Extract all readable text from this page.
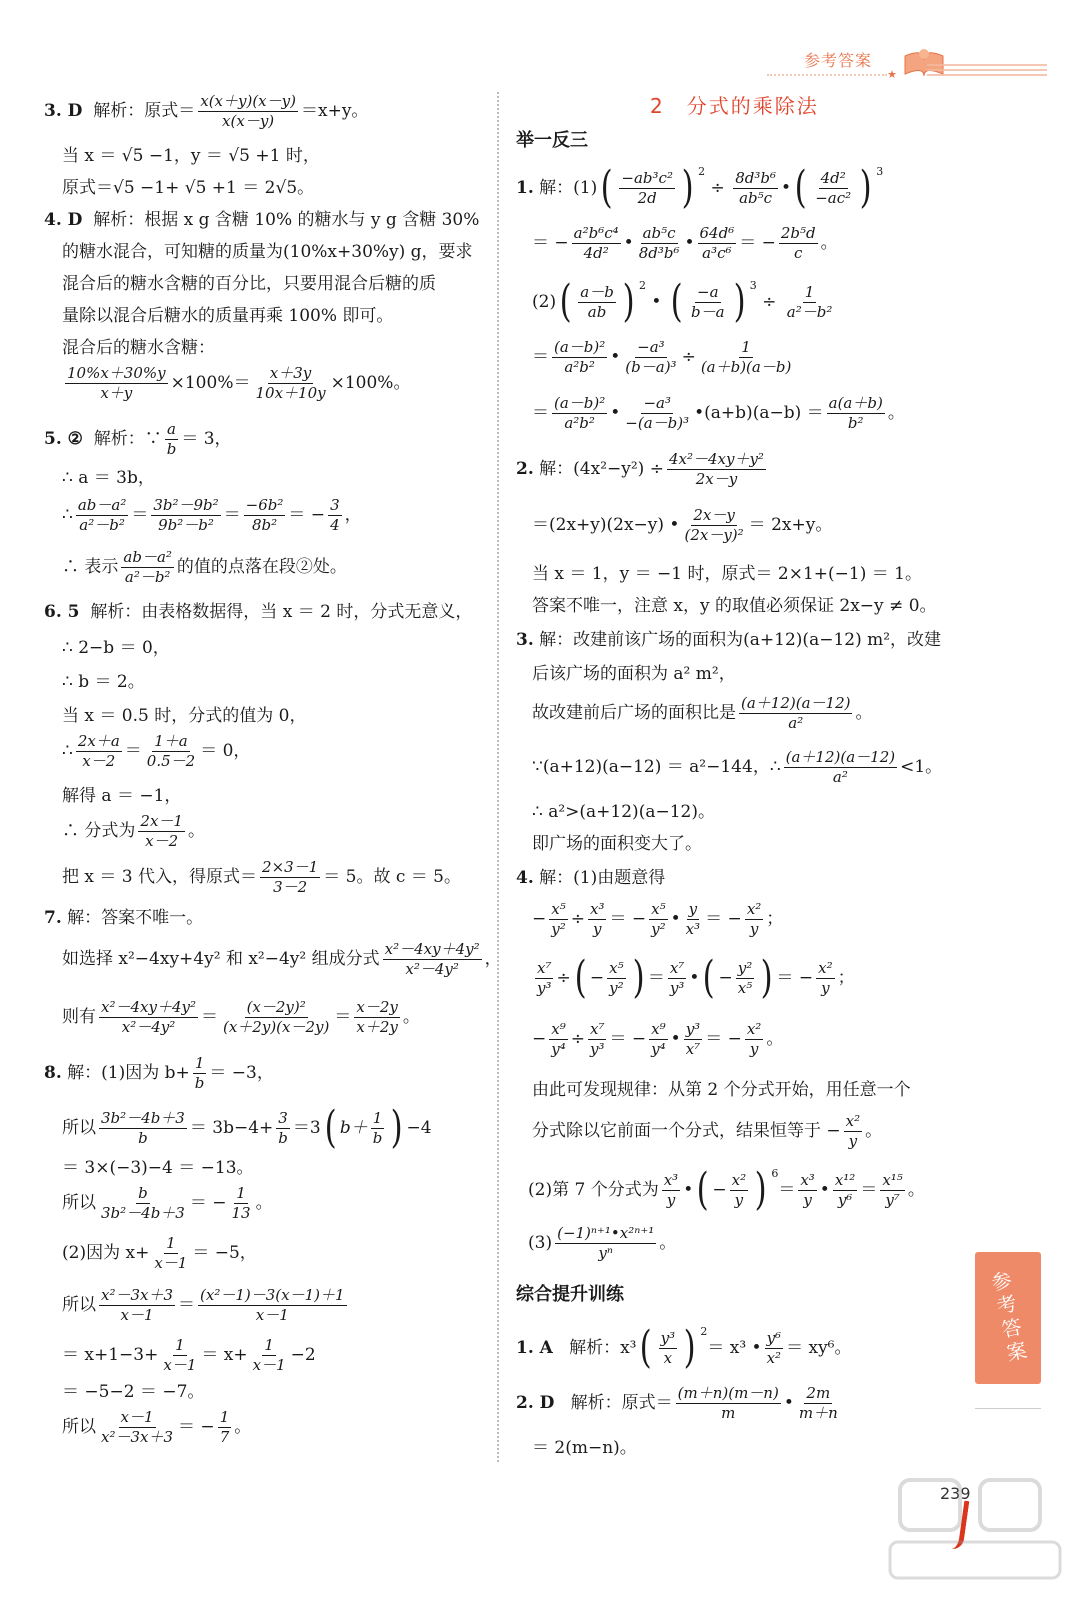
参考答案
★
3. D
解析：原式＝ $\frac{x(x+y)(x-y)}{x(x-y)} =x+y$。
当 x ＝ √5 −1，y ＝ √5 +1 时，
原式＝√5 −1+ √5 +1 ＝ 2√5。
4. D
解析：根据 x g 含糖 10% 的糖水与 y g 含糖 30%
的糖水混合，可知糖的质量为(10%x+30%y) g，要求
混合后的糖水含糖的百分比，只要用混合后糖的质
量除以混合后糖水的质量再乘 100% 即可。
混合后的糖水含糖：
$\frac{10\%x+30\%y}{x+y} \times 100\%= \frac{x+3y}{10x+10y} \times 100\%$。
5. ②
解析：∵ $\frac{a}{b} = 3$，
∴ a ＝ 3b，
∴ $\frac{\text{ab－a²}}{\text{a²－b²}} = \frac{\text{3b²－9b²}}{\text{9b²－b²}} = \frac{\text{−6b²}}{\text{8b²}}$ ＝ − $\frac{3}{4}$ ，
∴ 表示 $\frac{\text{ab－a²}}{\text{a²－b²}}$ 的值的点落在段②处。
6. 5
解析：由表格数据得，当 x ＝ 2 时，分式无意义，
∴ 2−b ＝ 0，
∴ b ＝ 2。
当 x ＝ 0.5 时，分式的值为 0，
∴ $\frac{2x+a}{x-2} = \frac{1+a}{0.5-2} = 0$，
解得 a ＝ −1，
∴ 分式为 $\frac{2x-1}{x-2}$ 。
把 x ＝ 3 代入，得原式＝ $\frac{2\times 3-1}{3-2} = 5$。故 c ＝ 5。
7.
解：答案不唯一。
如选择 x²−4xy+4y² 和 x²−4y² 组成分式 $\frac{\text{x²－4xy＋4y²}}{\text{x²－4y²}}$ ，
则有 $\frac{\text{x²－4xy＋4y²}}{\text{x²－4y²}} = \frac{\text{(x－2y)²}}{(x+2y)(x-2y)} = \frac{x-2y}{x+2y}$ 。
8.
解：(1)因为 $b+ \frac{1}{b} = -3$，
所以 $\frac{\text{3b²－4b＋3}}{b} = 3b-4+ \frac{3}{b} =3$ ( $b+ \frac{1}{b}$ ) −4
＝ 3×(−3)−4 ＝ −13。
所以 $\frac{b}{\text{3b²－4b＋3}}$ ＝ − $\frac{1}{13}$ 。
(2)因为 $x+ \frac{1}{x-1} = -5$，
所以 $\frac{\text{x²－3x＋3}}{x-1} = \frac{\text{(x²－1)－3(x－1)＋1}}{x-1}$
＝ $x+1-3+ \frac{1}{x-1} = x+ \frac{1}{x-1} -2$
＝ −5−2 ＝ −7。
所以 $\frac{x-1}{\text{x²－3x＋3}}$ ＝ − $\frac{1}{7}$ 。
2　分式的乘除法
举一反三
1.
解：(1) ( $\frac{\text{−ab³c²}}{2d}$ ) 2

÷
$\frac{\text{8d³b⁶}}{\text{ab⁵c}}$ • ( $\frac{\text{4d²}}{\text{−ac²}}$ ) 3
＝ − $\frac{\text{a²b⁶c⁴}}{\text{4d²}}$ • $\frac{\text{ab⁵c}}{\text{8d³b⁶}}$ • $\frac{\text{64d⁶}}{\text{a³c⁶}}$ ＝ − $\frac{\text{2b⁵d}}{c}$ 。
(2) ( $\frac{a-b}{ab}$ ) 2

•
( $\frac{-a}{b-a}$ ) 3

÷
$\frac{1}{\text{a²－b²}}$
＝ $\frac{\text{(a－b)²}}{\text{a²b²}}$ • $\frac{\text{−a³}}{\text{(b－a)³}} \div \frac{1}{(a+b)(a-b)}$
＝ $\frac{\text{(a－b)²}}{\text{a²b²}}$ • $\frac{\text{−a³}}{\text{−(a－b)³}}$ •(a+b)(a−b) ＝ $\frac{a(a+b)}{\text{b²}}$ 。
2.
解：$(4x^2-y^2) \div \frac{\text{4x²－4xy＋y²}}{2x-y}$
＝(2x+y)(2x−y) • $\frac{2x-y}{\text{(2x－y)²}} = 2x+y$。
当 x ＝ 1，y ＝ −1 时，原式＝ 2×1+(−1) ＝ 1。
答案不唯一，注意 x，y 的取值必须保证 2x−y ≠ 0。
3.
解：改建前该广场的面积为(a+12)(a−12) m²，改建
后该广场的面积为 a² m²，
故改建前后广场的面积比是 $\frac{(a+12)(a-12)}{\text{a²}}$ 。
∵(a+12)(a−12) ＝ a²−144，∴ $\frac{(a+12)(a-12)}{\text{a²}} <1$。
∴ a²>(a+12)(a−12)。
即广场的面积变大了。
4.
解：(1)由题意得
− $\frac{\text{x⁵}}{\text{y²}} \div \frac{\text{x³}}{y}$ ＝ − $\frac{\text{x⁵}}{\text{y²}}$ • $\frac{y}{\text{x³}}$ ＝ − $\frac{\text{x²}}{y}$ ；
$\frac{\text{x⁷}}{\text{y³}}$ ÷ ( − $\frac{\text{x⁵}}{\text{y²}}$ ) ＝ $\frac{\text{x⁷}}{\text{y³}}$ • ( − $\frac{\text{y²}}{\text{x⁵}}$ ) ＝ − $\frac{\text{x²}}{y}$ ；
− $\frac{\text{x⁹}}{\text{y⁴}} \div \frac{\text{x⁷}}{\text{y³}}$ ＝ − $\frac{\text{x⁹}}{\text{y⁴}}$ • $\frac{\text{y³}}{\text{x⁷}}$ ＝ − $\frac{\text{x²}}{y}$ 。
由此可发现规律：从第 2 个分式开始，用任意一个
分式除以它前面一个分式，结果恒等于 − $\frac{\text{x²}}{y}$ 。
(2)第 7 个分式为 $\frac{\text{x³}}{y}$ • ( − $\frac{\text{x²}}{y}$ ) 6
＝ $\frac{\text{x³}}{y}$ • $\frac{\text{x¹²}}{\text{y⁶}} = \frac{\text{x¹⁵}}{\text{y⁷}}$ 。
$(3) \frac{\text{(−1)ⁿ⁺¹•x²ⁿ⁺¹}}{\text{yⁿ}}$ 。
综合提升训练
1. A
解析：x³ ( $\frac{\text{y³}}{x}$ ) 2
＝ x³ • $\frac{\text{y⁶}}{\text{x²}} = xy^6$。
2. D
解析：原式＝ $\frac{(m+n)(m-n)}{m}$ • $\frac{2m}{m+n}$
＝ 2(m−n)。
参考答案
239
